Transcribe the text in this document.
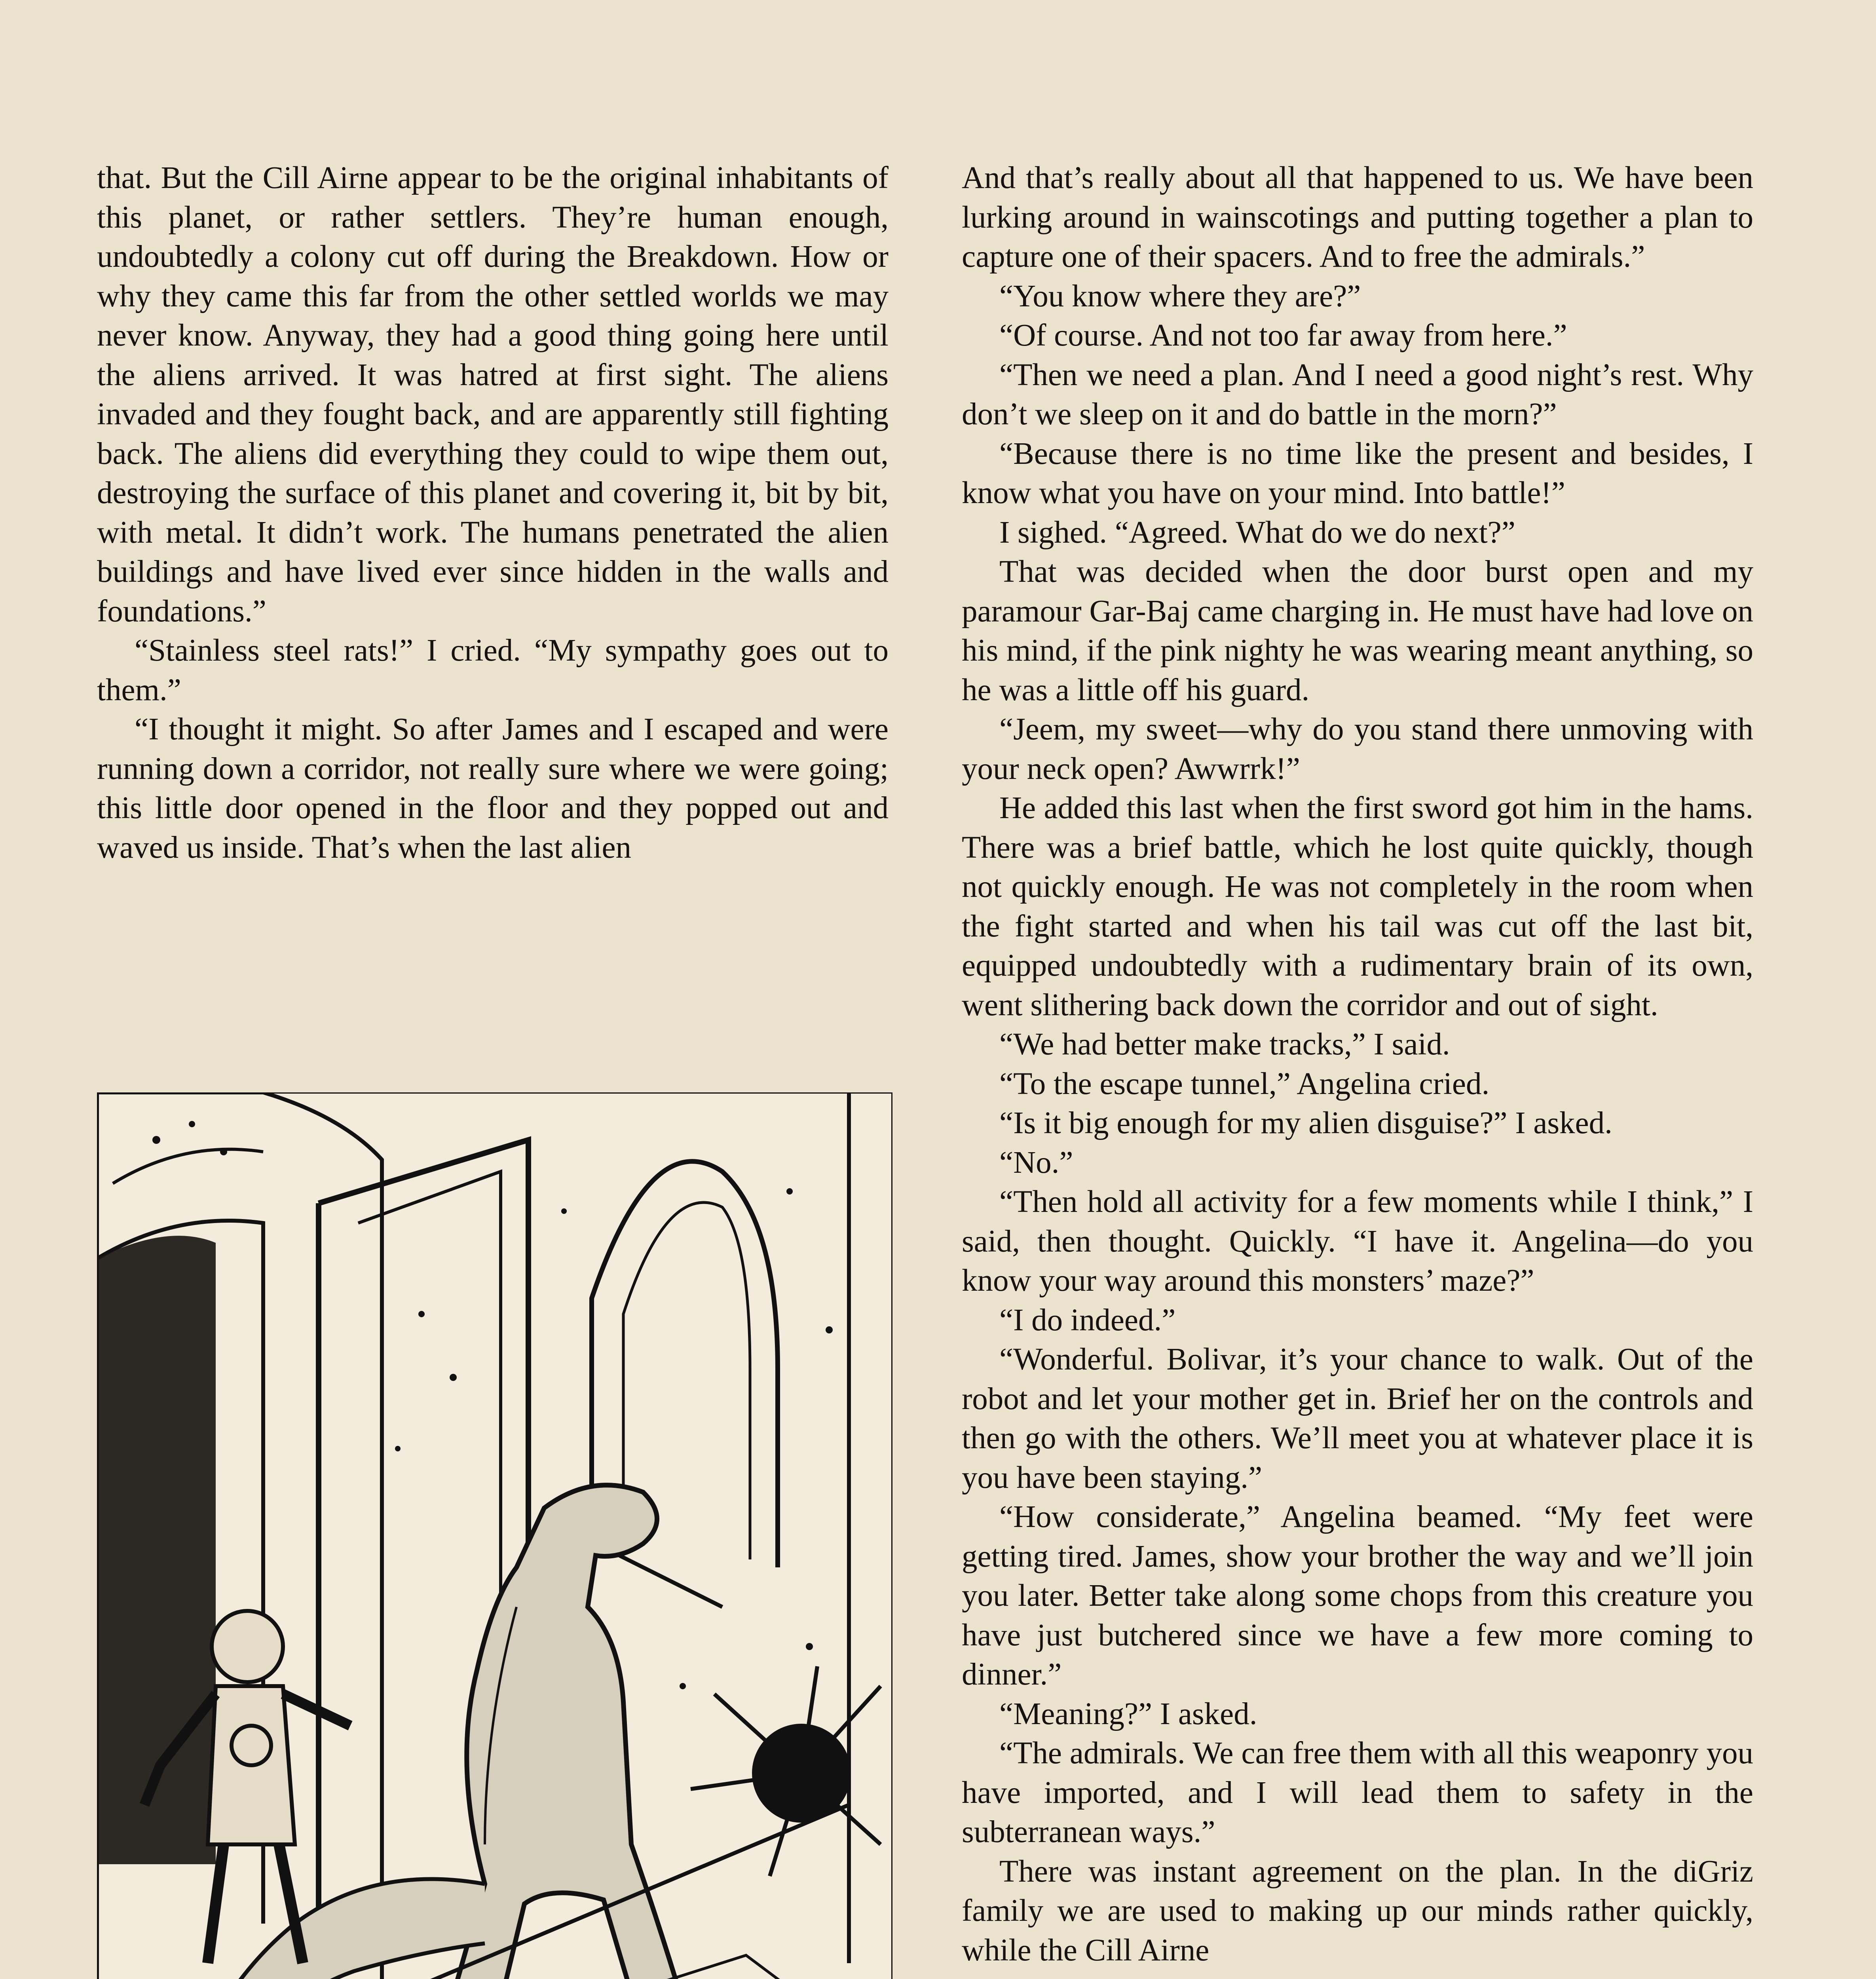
that. But the Cill Airne appear to be the original inhabitants of this planet, or rather settlers. They’re human enough, undoubtedly a colony cut off during the Breakdown. How or why they came this far from the other settled worlds we may never know. Anyway, they had a good thing going here until the aliens arrived. It was hatred at first sight. The aliens invaded and they fought back, and are apparently still fighting back. The aliens did everything they could to wipe them out, destroying the surface of this planet and covering it, bit by bit, with metal. It didn’t work. The humans penetrated the alien buildings and have lived ever since hidden in the walls and foundations.”

“Stainless steel rats!” I cried. “My sympathy goes out to them.”

“I thought it might. So after James and I escaped and were running down a corridor, not really sure where we were going; this little door opened in the floor and they popped out and waved us inside. That’s when the last alien

And that’s really about all that happened to us. We have been lurking around in wainscotings and putting together a plan to capture one of their spacers. And to free the admirals.”

“You know where they are?”

“Of course. And not too far away from here.”

“Then we need a plan. And I need a good night’s rest. Why don’t we sleep on it and do battle in the morn?”

“Because there is no time like the present and besides, I know what you have on your mind. Into battle!”

I sighed. “Agreed. What do we do next?”

That was decided when the door burst open and my paramour Gar-Baj came charging in. He must have had love on his mind, if the pink nighty he was wearing meant anything, so he was a little off his guard.

“Jeem, my sweet—why do you stand there unmoving with your neck open? Awwrrk!”

He added this last when the first sword got him in the hams. There was a brief battle, which he lost quite quickly, though not quickly enough. He was not completely in the room when the fight started and when his tail was cut off the last bit, equipped undoubtedly with a rudimentary brain of its own, went slithering back down the corridor and out of sight.

“We had better make tracks,” I said.

“To the escape tunnel,” Angelina cried.

“Is it big enough for my alien disguise?” I asked.

“No.”

“Then hold all activity for a few moments while I think,” I said, then thought. Quickly. “I have it. Angelina—do you know your way around this monsters’ maze?”

“I do indeed.”

“Wonderful. Bolivar, it’s your chance to walk. Out of the robot and let your mother get in. Brief her on the controls and then go with the others. We’ll meet you at whatever place it is you have been staying.”

“How considerate,” Angelina beamed. “My feet were getting tired. James, show your brother the way and we’ll join you later. Better take along some chops from this creature you have just butchered since we have a few more coming to dinner.”

“Meaning?” I asked.

“The admirals. We can free them with all this weaponry you have imported, and I will lead them to safety in the subterranean ways.”

There was instant agreement on the plan. In the diGriz family we are used to making up our minds rather quickly, while the Cill Airne
